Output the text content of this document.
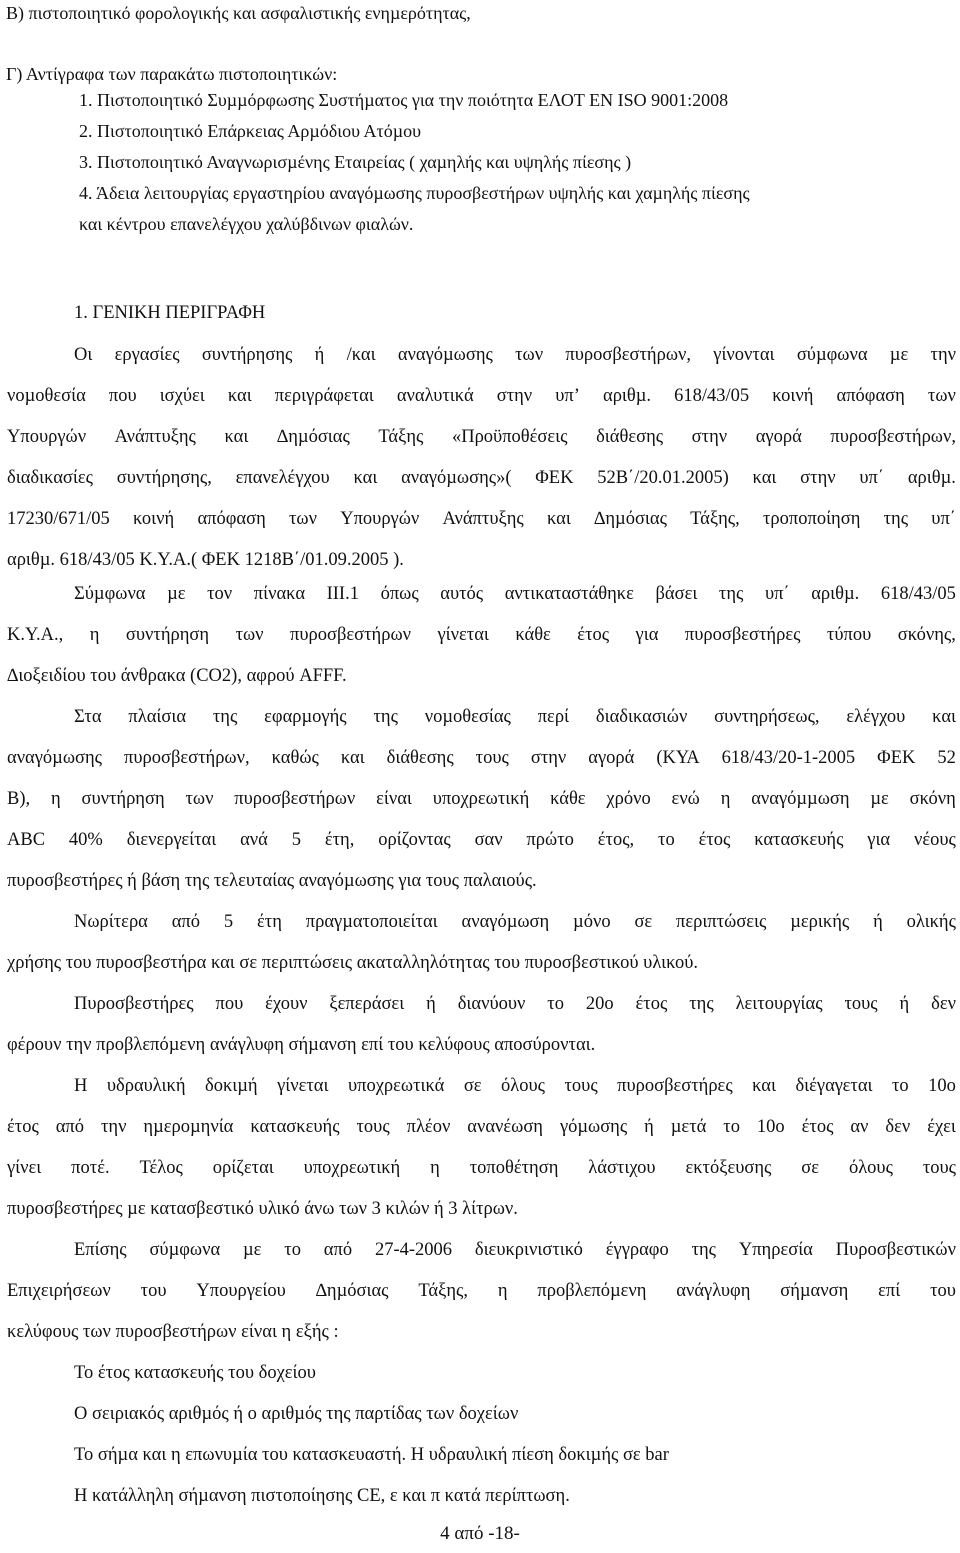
Β) πιστοποιητικό φορολογικής και ασφαλιστικής ενηµερότητας,
Γ) Αντίγραφα των παρακάτω πιστοποιητικών:
1. Πιστοποιητικό Συµµόρφωσης Συστήµατος για την ποιότητα ΕΛΟΤ ΕΝ ISO 9001:2008
2. Πιστοποιητικό Επάρκειας Αρµόδιου Ατόµου
3. Πιστοποιητικό Αναγνωρισµένης Εταιρείας ( χαµηλής και υψηλής πίεσης )
4. Άδεια λειτουργίας εργαστηρίου αναγόµωσης πυροσβεστήρων υψηλής και χαµηλής πίεσης
και κέντρου επανελέγχου χαλύβδινων φιαλών.
1. ΓΕΝΙΚΗ ΠΕΡΙΓΡΑΦΗ
Οι εργασίες συντήρησης ή /και αναγόµωσης των πυροσβεστήρων, γίνονται σύµφωνα µε την
νοµοθεσία που ισχύει και περιγράφεται αναλυτικά στην υπ’ αριθµ. 618/43/05 κοινή απόφαση των
Υπουργών Ανάπτυξης και ∆ηµόσιας Τάξης «Προϋποθέσεις διάθεσης στην αγορά πυροσβεστήρων,
διαδικασίες συντήρησης, επανελέγχου και αναγόµωσης»( ΦΕΚ 52Β΄/20.01.2005) και στην υπ΄ αριθµ.
17230/671/05 κοινή απόφαση των Υπουργών Ανάπτυξης και ∆ηµόσιας Τάξης, τροποποίηση της υπ΄
αριθµ. 618/43/05 Κ.Υ.Α.( ΦΕΚ 1218Β΄/01.09.2005 ).
Σύµφωνα µε τον πίνακα ΙΙΙ.1 όπως αυτός αντικαταστάθηκε βάσει της υπ΄ αριθµ. 618/43/05
Κ.Υ.Α., η συντήρηση των πυροσβεστήρων γίνεται κάθε έτος για πυροσβεστήρες τύπου σκόνης,
∆ιοξειδίου του άνθρακα (CO2), αφρού AFFF.
Στα πλαίσια της εφαρµογής της νοµοθεσίας περί διαδικασιών συντηρήσεως, ελέγχου και
αναγόµωσης πυροσβεστήρων, καθώς και διάθεσης τους στην αγορά (ΚΥΑ 618/43/20-1-2005 ΦΕΚ 52
Β), η συντήρηση των πυροσβεστήρων είναι υποχρεωτική κάθε χρόνο ενώ η αναγόµµωση µε σκόνη
ABC 40% διενεργείται ανά 5 έτη, ορίζοντας σαν πρώτο έτος, το έτος κατασκευής για νέους
πυροσβεστήρες ή βάση της τελευταίας αναγόµωσης για τους παλαιούς.
Νωρίτερα από 5 έτη πραγµατοποιείται αναγόµωση µόνο σε περιπτώσεις µερικής ή ολικής
χρήσης του πυροσβεστήρα και σε περιπτώσεις ακαταλληλότητας του πυροσβεστικού υλικού.
Πυροσβεστήρες που έχουν ξεπεράσει ή διανύουν το 20ο έτος της λειτουργίας τους ή δεν
φέρουν την προβλεπόµενη ανάγλυφη σήµανση επί του κελύφους αποσύρονται.
Η υδραυλική δοκιµή γίνεται υποχρεωτικά σε όλους τους πυροσβεστήρες και διέγαγεται το 10ο
έτος από την ηµεροµηνία κατασκευής τους πλέον ανανέωση γόµωσης ή µετά το 10ο έτος αν δεν έχει
γίνει ποτέ. Τέλος ορίζεται υποχρεωτική η τοποθέτηση λάστιχου εκτόξευσης σε όλους τους
πυροσβεστήρες µε κατασβεστικό υλικό άνω των 3 κιλών ή 3 λίτρων.
Επίσης σύµφωνα µε το από 27-4-2006 διευκρινιστικό έγγραφο της Υπηρεσία Πυροσβεστικών
Επιχειρήσεων του Υπουργείου ∆ηµόσιας Τάξης, η προβλεπόµενη ανάγλυφη σήµανση επί του
κελύφους των πυροσβεστήρων είναι η εξής :
Το έτος κατασκευής του δοχείου
Ο σειριακός αριθµός ή ο αριθµός της παρτίδας των δοχείων
Το σήµα και η επωνυµία του κατασκευαστή. Η υδραυλική πίεση δοκιµής σε bar
Η κατάλληλη σήµανση πιστοποίησης CE, ε και π κατά περίπτωση.
4 από -18-
